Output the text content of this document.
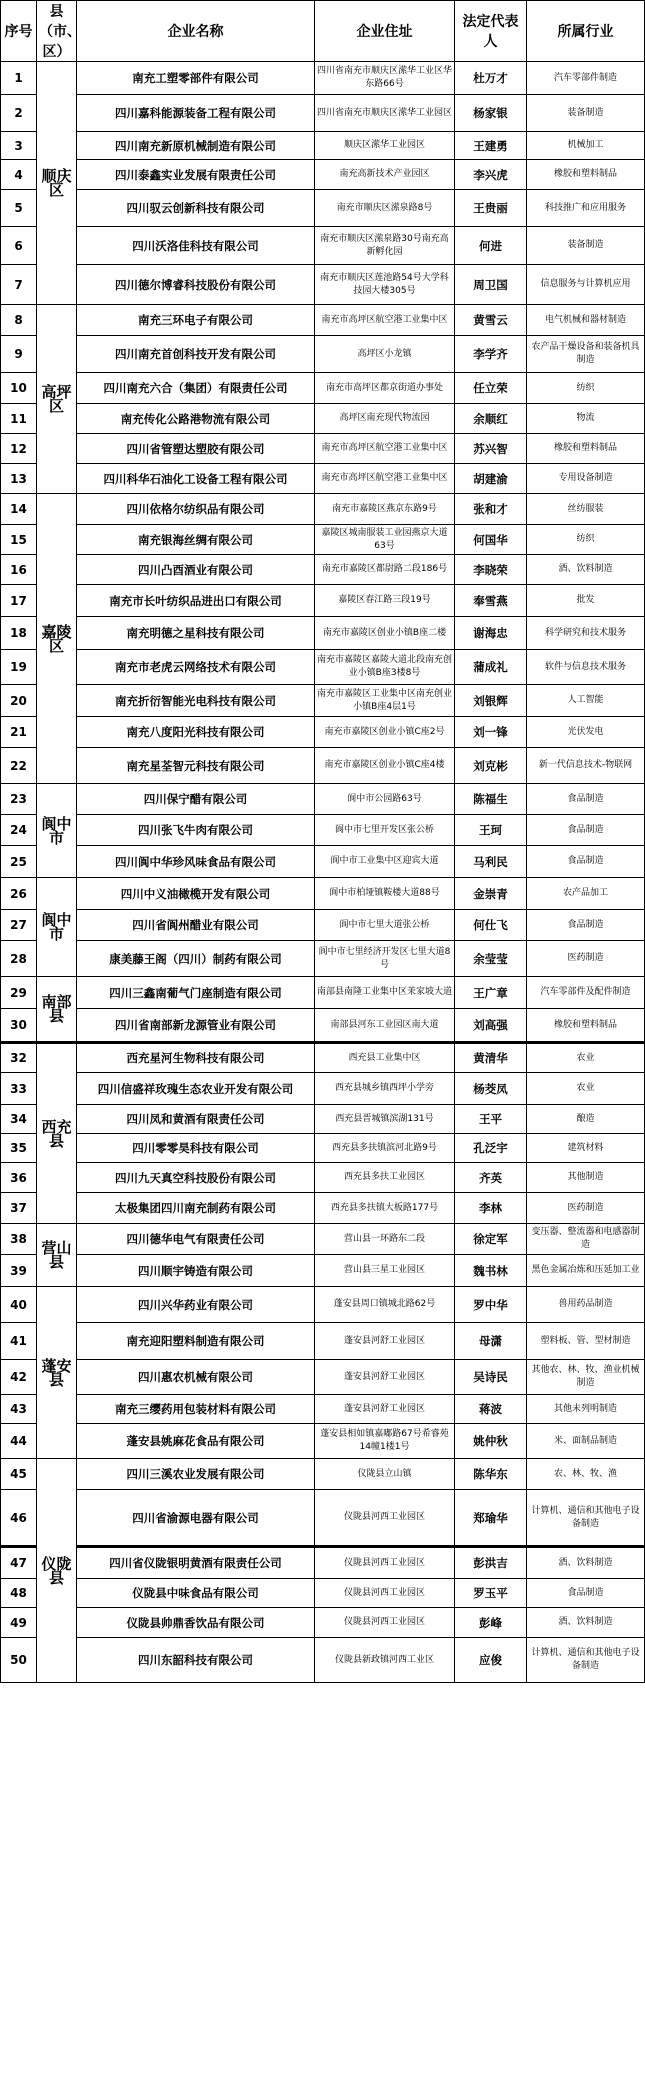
序号	县（市、区）	企业名称	企业住址	法定代表人	所属行业
1	顺庆区	南充工塑零部件有限公司	四川省南充市顺庆区潆华工业区华东路66号	杜万才	汽车零部件制造
2		四川嘉科能源装备工程有限公司	四川省南充市顺庆区潆华工业园区	杨家银	装备制造
3		四川南充新原机械制造有限公司	顺庆区潆华工业园区	王建勇	机械加工
4		四川泰鑫实业发展有限责任公司	南充高新技术产业园区	李兴虎	橡胶和塑料制品
5		四川驭云创新科技有限公司	南充市顺庆区潆泉路8号	王贵丽	科技推广和应用服务
6		四川沃洛佳科技有限公司	南充市顺庆区潆泉路30号南充高新孵化园	何进	装备制造
7		四川德尔博睿科技股份有限公司	南充市顺庆区莲池路54号大学科技园大楼305号	周卫国	信息服务与计算机应用
8	高坪区	南充三环电子有限公司	南充市高坪区航空港工业集中区	黄雪云	电气机械和器材制造
9		四川南充首创科技开发有限公司	高坪区小龙镇	李学齐	农产品干燥设备和装备机具制造
10		四川南充六合（集团）有限责任公司	南充市高坪区都京街道办事处	任立荣	纺织
11		南充传化公路港物流有限公司	高坪区南充现代物流园	余顺红	物流
12		四川省管塑达塑胶有限公司	南充市高坪区航空港工业集中区	苏兴智	橡胶和塑料制品
13		四川科华石油化工设备工程有限公司	南充市高坪区航空港工业集中区	胡建渝	专用设备制造
14	嘉陵区	四川依格尔纺织品有限公司	南充市嘉陵区燕京东路9号	张和才	丝纺服装
15		南充银海丝绸有限公司	嘉陵区城南服装工业园燕京大道63号	何国华	纺织
16		四川凸酉酒业有限公司	南充市嘉陵区都尉路二段186号	李晓荣	酒、饮料制造
17		南充市长叶纺织品进出口有限公司	嘉陵区春江路三段19号	奉雪燕	批发
18		南充明德之星科技有限公司	南充市嘉陵区创业小镇B座二楼	谢海忠	科学研究和技术服务
19		南充市老虎云网络技术有限公司	南充市嘉陵区嘉陵大道北段南充创业小镇B座3楼8号	蒲成礼	软件与信息技术服务
20		南充折衍智能光电科技有限公司	南充市嘉陵区工业集中区南充创业小镇B座4层1号	刘银辉	人工智能
21		南充八度阳光科技有限公司	南充市嘉陵区创业小镇C座2号	刘一锋	光伏发电
22		南充星荃智元科技有限公司	南充市嘉陵区创业小镇C座4楼	刘克彬	新一代信息技术-物联网
23	阆中市	四川保宁醋有限公司	阆中市公园路63号	陈福生	食品制造
24		四川张飞牛肉有限公司	阆中市七里开发区张公桥	王珂	食品制造
25		四川阆中华珍风味食品有限公司	阆中市工业集中区迎宾大道	马利民	食品制造
26	阆中市	四川中义油橄榄开发有限公司	阆中市柏垭镇鞍楼大道88号	金崇青	农产品加工
27		四川省阆州醋业有限公司	阆中市七里大道张公桥	何仕飞	食品制造
28		康美藤王阁（四川）制药有限公司	阆中市七里经济开发区七里大道8号	余莹莹	医药制造
29	南部县	四川三鑫南葡气门座制造有限公司	南部县南隆工业集中区茉家坡大道	王广章	汽车零部件及配件制造
30		四川省南部新龙源管业有限公司	南部县河东工业园区南大道	刘高强	橡胶和塑料制品
32	西充县	西充星河生物科技有限公司	西充县工业集中区	黄清华	农业
33		四川信盛祥玫瑰生态农业开发有限公司	西充县城乡镇西坪小学旁	杨茭凤	农业
34		四川凤和黄酒有限责任公司	西充县晋城镇滨湖131号	王平	酿造
35		四川零零昊科技有限公司	西充县多扶镇滨河北路9号	孔泛宇	建筑材料
36		四川九天真空科技股份有限公司	西充县多扶工业园区	齐英	其他制造
37		太极集团四川南充制药有限公司	西充县多扶镇大板路177号	李林	医药制造
38	营山县	四川德华电气有限责任公司	营山县一环路东二段	徐定军	变压器、整流器和电感器制造
39		四川顺宇铸造有限公司	营山县三星工业园区	魏书林	黑色金属冶炼和压延加工业
40	蓬安县	四川兴华药业有限公司	蓬安县周口镇城北路62号	罗中华	兽用药品制造
41		南充迎阳塑料制造有限公司	蓬安县河舒工业园区	母潇	塑料板、管、型材制造
42		四川惠农机械有限公司	蓬安县河舒工业园区	吴诗民	其他农、林、牧、渔业机械制造
43		南充三缨药用包装材料有限公司	蓬安县河舒工业园区	蒋波	其他未列明制造
44		蓬安县姚麻花食品有限公司	蓬安县相如镇嘉嘟路67号希睿苑14幢1楼1号	姚仲秋	米、面制品制造
45	仪陇县	四川三溪农业发展有限公司	仪陇县立山镇	陈华东	农、林、牧、渔
46		四川省渝源电器有限公司	仪陇县河西工业园区	郑瑜华	计算机、通信和其他电子设备制造
47		四川省仪陇银明黄酒有限责任公司	仪陇县河西工业园区	彭洪吉	酒、饮料制造
48		仪陇县中味食品有限公司	仪陇县河西工业园区	罗玉平	食品制造
49		仪陇县帅鼎香饮品有限公司	仪陇县河西工业园区	彭峰	酒、饮料制造
50		四川东韶科技有限公司	仪陇县新政镇河西工业区	应俊	计算机、通信和其他电子设备制造
